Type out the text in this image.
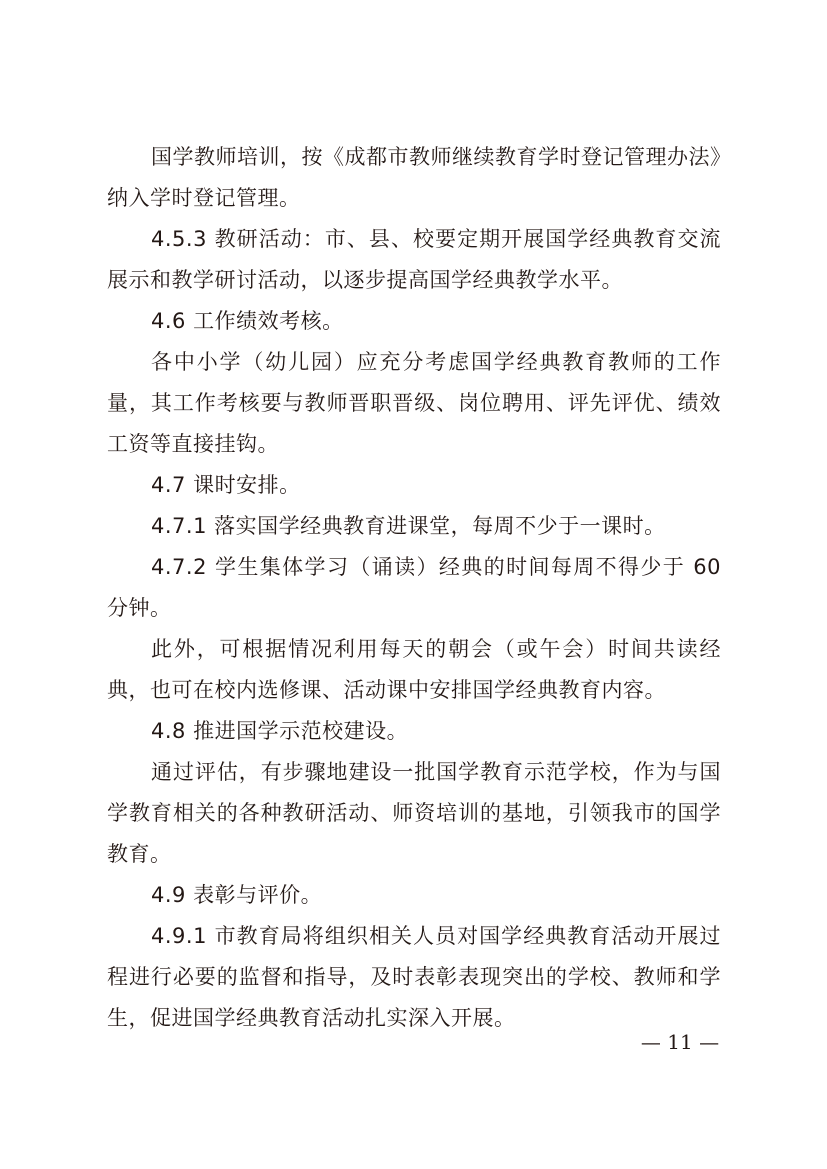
国学教师培训，按《成都市教师继续教育学时登记管理办法》纳入学时登记管理。

4.5.3 教研活动：市、县、校要定期开展国学经典教育交流展示和教学研讨活动，以逐步提高国学经典教学水平。

4.6 工作绩效考核。

各中小学（幼儿园）应充分考虑国学经典教育教师的工作量，其工作考核要与教师晋职晋级、岗位聘用、评先评优、绩效工资等直接挂钩。

4.7 课时安排。

4.7.1 落实国学经典教育进课堂，每周不少于一课时。

4.7.2 学生集体学习（诵读）经典的时间每周不得少于 60 分钟。

此外，可根据情况利用每天的朝会（或午会）时间共读经典，也可在校内选修课、活动课中安排国学经典教育内容。

4.8 推进国学示范校建设。

通过评估，有步骤地建设一批国学教育示范学校，作为与国学教育相关的各种教研活动、师资培训的基地，引领我市的国学教育。

4.9 表彰与评价。

4.9.1 市教育局将组织相关人员对国学经典教育活动开展过程进行必要的监督和指导，及时表彰表现突出的学校、教师和学生，促进国学经典教育活动扎实深入开展。

— 11 —
